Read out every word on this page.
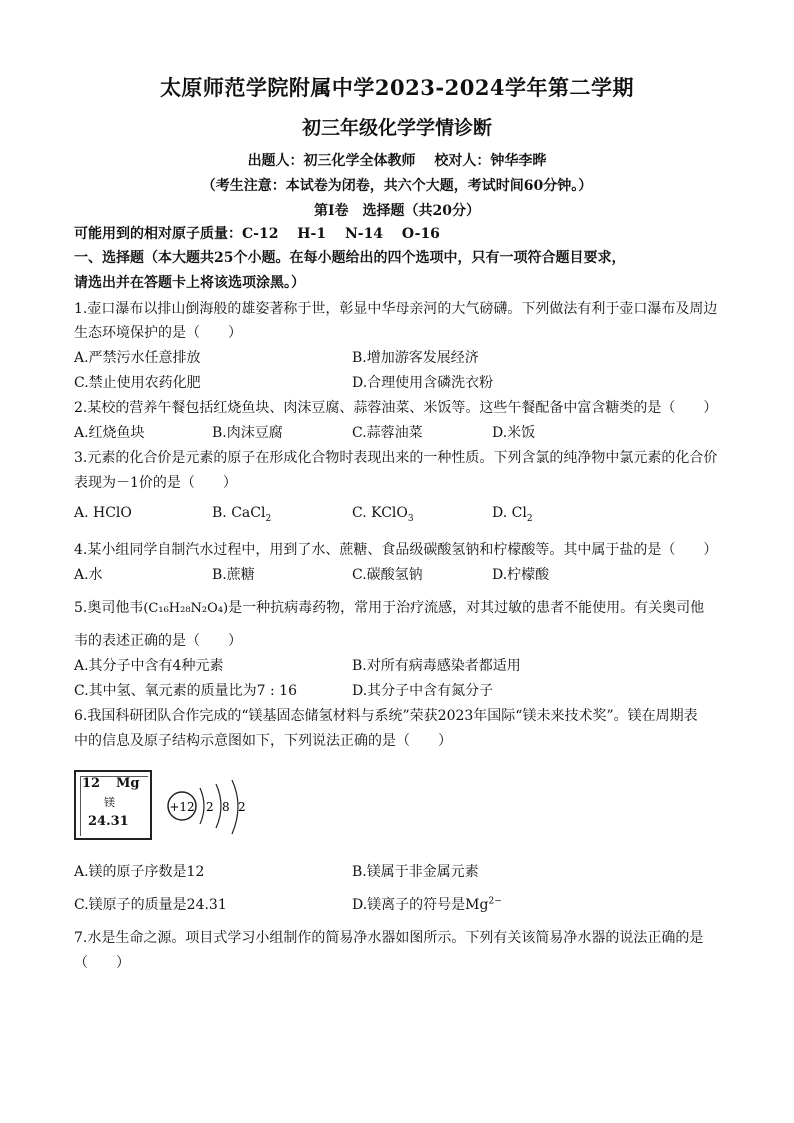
太原师范学院附属中学2023-2024学年第二学期
初三年级化学学情诊断
出题人：初三化学全体教师　 校对人：钟华李晔
（考生注意：本试卷为闭卷，共六个大题，考试时间60分钟。）
第Ⅰ卷　选择题（共20分）
可能用到的相对原子质量：C-12　 H-1　 N-14　 O-16
一、选择题（本大题共25个小题。在每小题给出的四个选项中，只有一项符合题目要求，
请选出并在答题卡上将该选项涂黑。）
1.壶口瀑布以排山倒海般的雄姿著称于世，彰显中华母亲河的大气磅礴。下列做法有利于壶口瀑布及周边
生态环境保护的是（　　）
A.严禁污水任意排放	B.增加游客发展经济
C.禁止使用农药化肥	D.合理使用含磷洗衣粉
2.某校的营养午餐包括红烧鱼块、肉沫豆腐、蒜蓉油菜、米饭等。这些午餐配备中富含糖类的是（　　）
A.红烧鱼块	B.肉沫豆腐	C.蒜蓉油菜	D.米饭
3.元素的化合价是元素的原子在形成化合物时表现出来的一种性质。下列含氯的纯净物中氯元素的化合价
表现为－1价的是（　　）
A. HClO	B. CaCl$_2$	C. KClO$_3$	D. $Cl_2$
4.某小组同学自制汽水过程中，用到了水、蔗糖、食品级碳酸氢钠和柠檬酸等。其中属于盐的是（　　）
A.水	B.蔗糖	C.碳酸氢钠	D.柠檬酸
5.奥司他韦(C₁₆H₂₈N₂O₄)是一种抗病毒药物，常用于治疗流感，对其过敏的患者不能使用。有关奥司他
韦的表述正确的是（　　）
A.其分子中含有4种元素	B.对所有病毒感染者都适用
C.其中氢、氧元素的质量比为7 : 16	D.其分子中含有氮分子
6.我国科研团队合作完成的“镁基固态储氢材料与系统”荣获2023年国际“镁未来技术奖”。镁在周期表
中的信息及原子结构示意图如下，下列说法正确的是（　　）
12 Mg
镁
24.31
+12 2 8 2
A.镁的原子序数是12	B.镁属于非金属元素
C.镁原子的质量是24.31	D.镁离子的符号是$Mg^{2-}$
7.水是生命之源。项目式学习小组制作的简易净水器如图所示。下列有关该简易净水器的说法正确的是
（　　）
